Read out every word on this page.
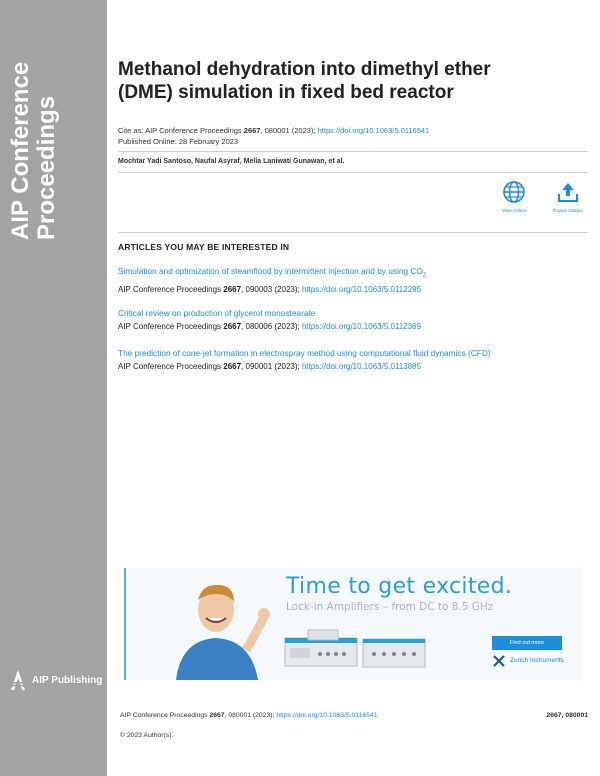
AIP Conference Proceedings
AIP Publishing
Methanol dehydration into dimethyl ether (DME) simulation in fixed bed reactor
Cite as: AIP Conference Proceedings 2667, 080001 (2023); https://doi.org/10.1063/5.0116541
Published Online: 28 February 2023
Mochtar Yadi Santoso, Naufal Asyraf, Melia Laniwati Gunawan, et al.
View Online	Export Citation
ARTICLES YOU MAY BE INTERESTED IN
Simulation and optimization of steamflood by intermittent injection and by using $CO_2$
AIP Conference Proceedings 2667, 090003 (2023); https://doi.org/10.1063/5.0112295
Critical review on production of glycerol monostearate
AIP Conference Proceedings 2667, 080006 (2023); https://doi.org/10.1063/5.0112369
The prediction of cone-jet formation in electrospray method using computational fluid dynamics (CFD)
AIP Conference Proceedings 2667, 090001 (2023); https://doi.org/10.1063/5.0113885
Time to get excited.
Lock-in Amplifiers – from DC to 8.5 GHz
Find out more
Zurich Instruments
AIP Conference Proceedings 2667, 080001 (2023); https://doi.org/10.1063/5.0116541	2667, 080001
© 2023 Author(s).
